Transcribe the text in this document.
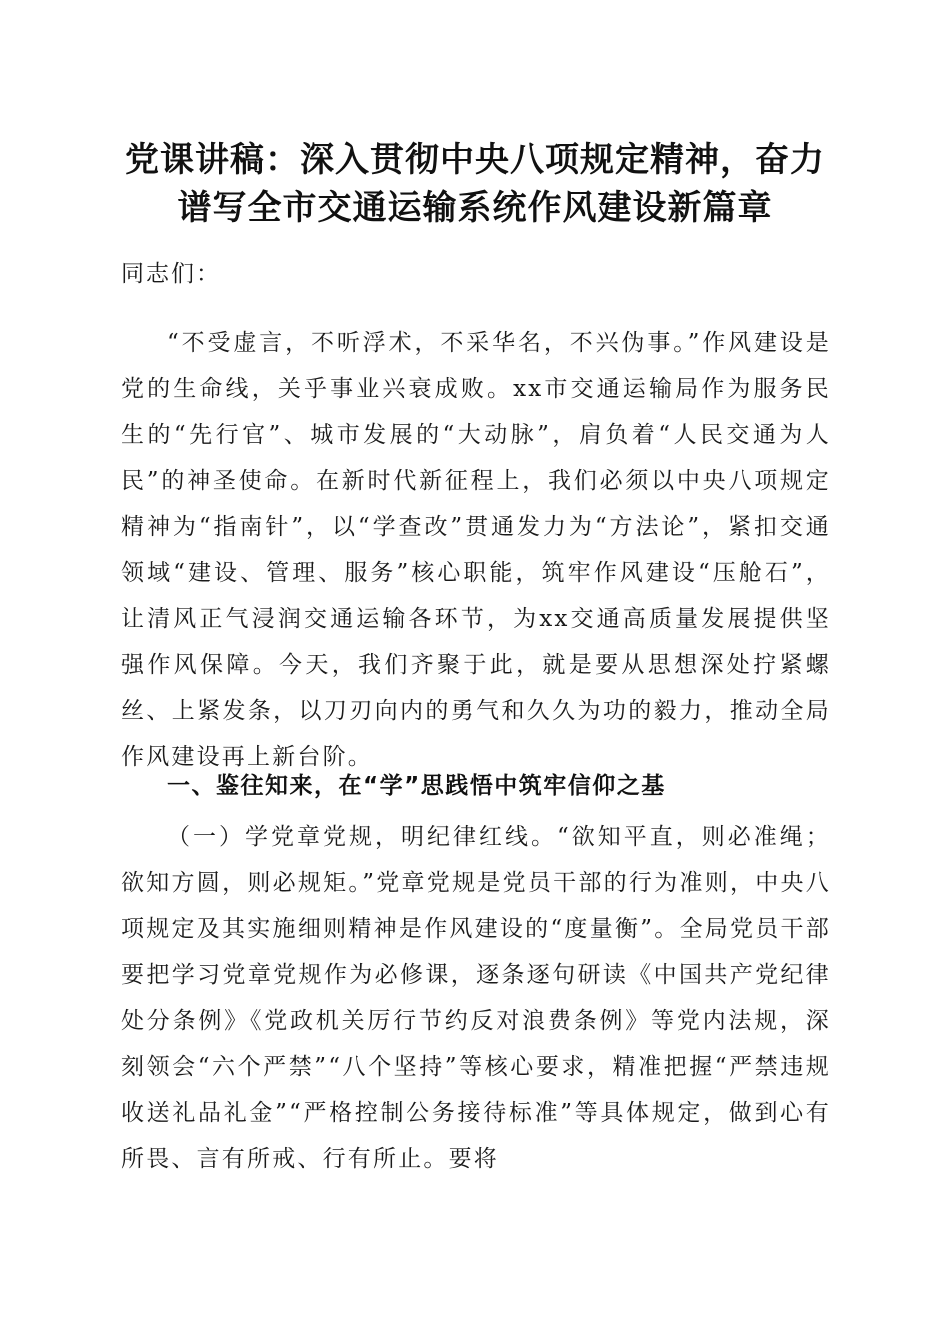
党课讲稿：深入贯彻中央八项规定精神，奋力
谱写全市交通运输系统作风建设新篇章
同志们：
“不受虚言，不听浮术，不采华名，不兴伪事。”作风建设是党的生命线，关乎事业兴衰成败。xx市交通运输局作为服务民生的“先行官”、城市发展的“大动脉”，肩负着“人民交通为人民”的神圣使命。在新时代新征程上，我们必须以中央八项规定精神为“指南针”，以“学查改”贯通发力为“方法论”，紧扣交通领域“建设、管理、服务”核心职能，筑牢作风建设“压舱石”，让清风正气浸润交通运输各环节，为xx交通高质量发展提供坚强作风保障。今天，我们齐聚于此，就是要从思想深处拧紧螺丝、上紧发条，以刀刃向内的勇气和久久为功的毅力，推动全局作风建设再上新台阶。
一、鉴往知来，在“学”思践悟中筑牢信仰之基
（一）学党章党规，明纪律红线。“欲知平直，则必准绳；欲知方圆，则必规矩。”党章党规是党员干部的行为准则，中央八项规定及其实施细则精神是作风建设的“度量衡”。全局党员干部要把学习党章党规作为必修课，逐条逐句研读《中国共产党纪律处分条例》《党政机关厉行节约反对浪费条例》等党内法规，深刻领会“六个严禁”“八个坚持”等核心要求，精准把握“严禁违规收送礼品礼金”“严格控制公务接待标准”等具体规定，做到心有所畏、言有所戒、行有所止。要将
